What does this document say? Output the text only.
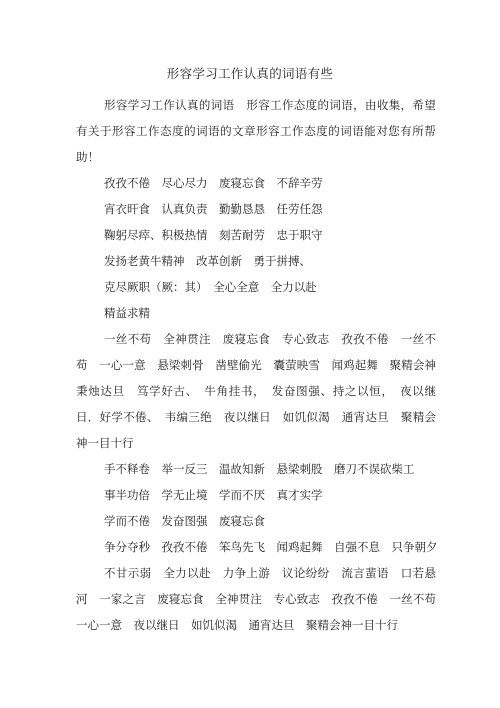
形容学习工作认真的词语有些

形容学习工作认真的词语　形容工作态度的词语，由收集，希望有关于形容工作态度的词语的文章形容工作态度的词语能对您有所帮助！

孜孜不倦　尽心尽力　废寝忘食　不辞辛劳

宵衣旰食　认真负责　勤勤恳恳　任劳任怨

鞠躬尽瘁、积极热情　刻苦耐劳　忠于职守

发扬老黄牛精神　改革创新　勇于拼搏、

克尽厥职（厥：其）　全心全意　全力以赴

精益求精

一丝不苟　全神贯注　废寝忘食　专心致志　孜孜不倦　一丝不苟　一心一意　悬梁刺骨　凿壁偷光　囊萤映雪　闻鸡起舞　聚精会神　秉烛达旦　笃学好古、　牛角挂书，　发奋图强、持之以恒，　夜以继日．好学不倦、　韦编三绝　夜以继日　如饥似渴　通宵达旦　聚精会神一目十行

手不释卷　举一反三　温故知新　悬梁刺股　磨刀不误砍柴工

事半功倍　学无止境　学而不厌　真才实学

学而不倦　发奋图强　废寝忘食

争分夺秒　孜孜不倦　笨鸟先飞　闻鸡起舞　自强不息　只争朝夕

不甘示弱　全力以赴　力争上游　议论纷纷　流言蜚语　口若悬河　一家之言　废寝忘食　全神贯注　专心致志　孜孜不倦　一丝不苟　一心一意　夜以继日　如饥似渴　通宵达旦　聚精会神一目十行
